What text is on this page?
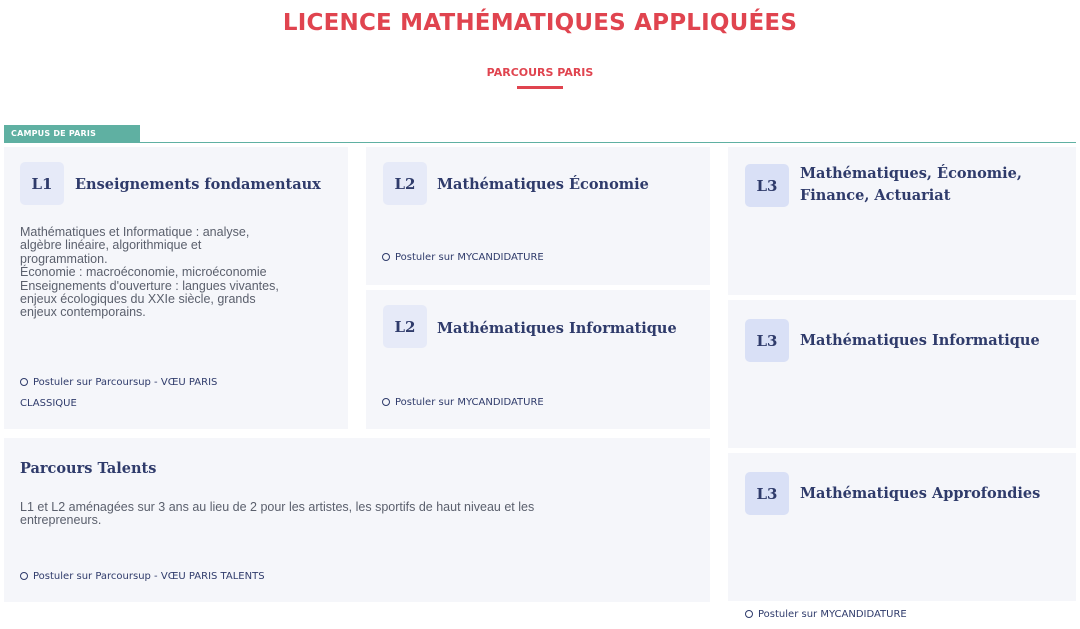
LICENCE MATHÉMATIQUES APPLIQUÉES
PARCOURS PARIS
CAMPUS DE PARIS
L1	Enseignements fondamentaux
Mathématiques et Informatique : analyse,
algèbre linéaire, algorithmique et
programmation.
Économie : macroéconomie, microéconomie
Enseignements d'ouverture : langues vivantes,
enjeux écologiques du XXIe siècle, grands
enjeux contemporains.
Postuler sur Parcoursup - VŒU PARIS
CLASSIQUE
L2	Mathématiques Économie
Postuler sur MYCANDIDATURE
L2	Mathématiques Informatique
Postuler sur MYCANDIDATURE
L3
Mathématiques, Économie,
Finance, Actuariat
L3	Mathématiques Informatique
L3	Mathématiques Approfondies
Parcours Talents
L1 et L2 aménagées sur 3 ans au lieu de 2 pour les artistes, les sportifs de haut niveau et les
entrepreneurs.
Postuler sur Parcoursup - VŒU PARIS TALENTS
Postuler sur MYCANDIDATURE
